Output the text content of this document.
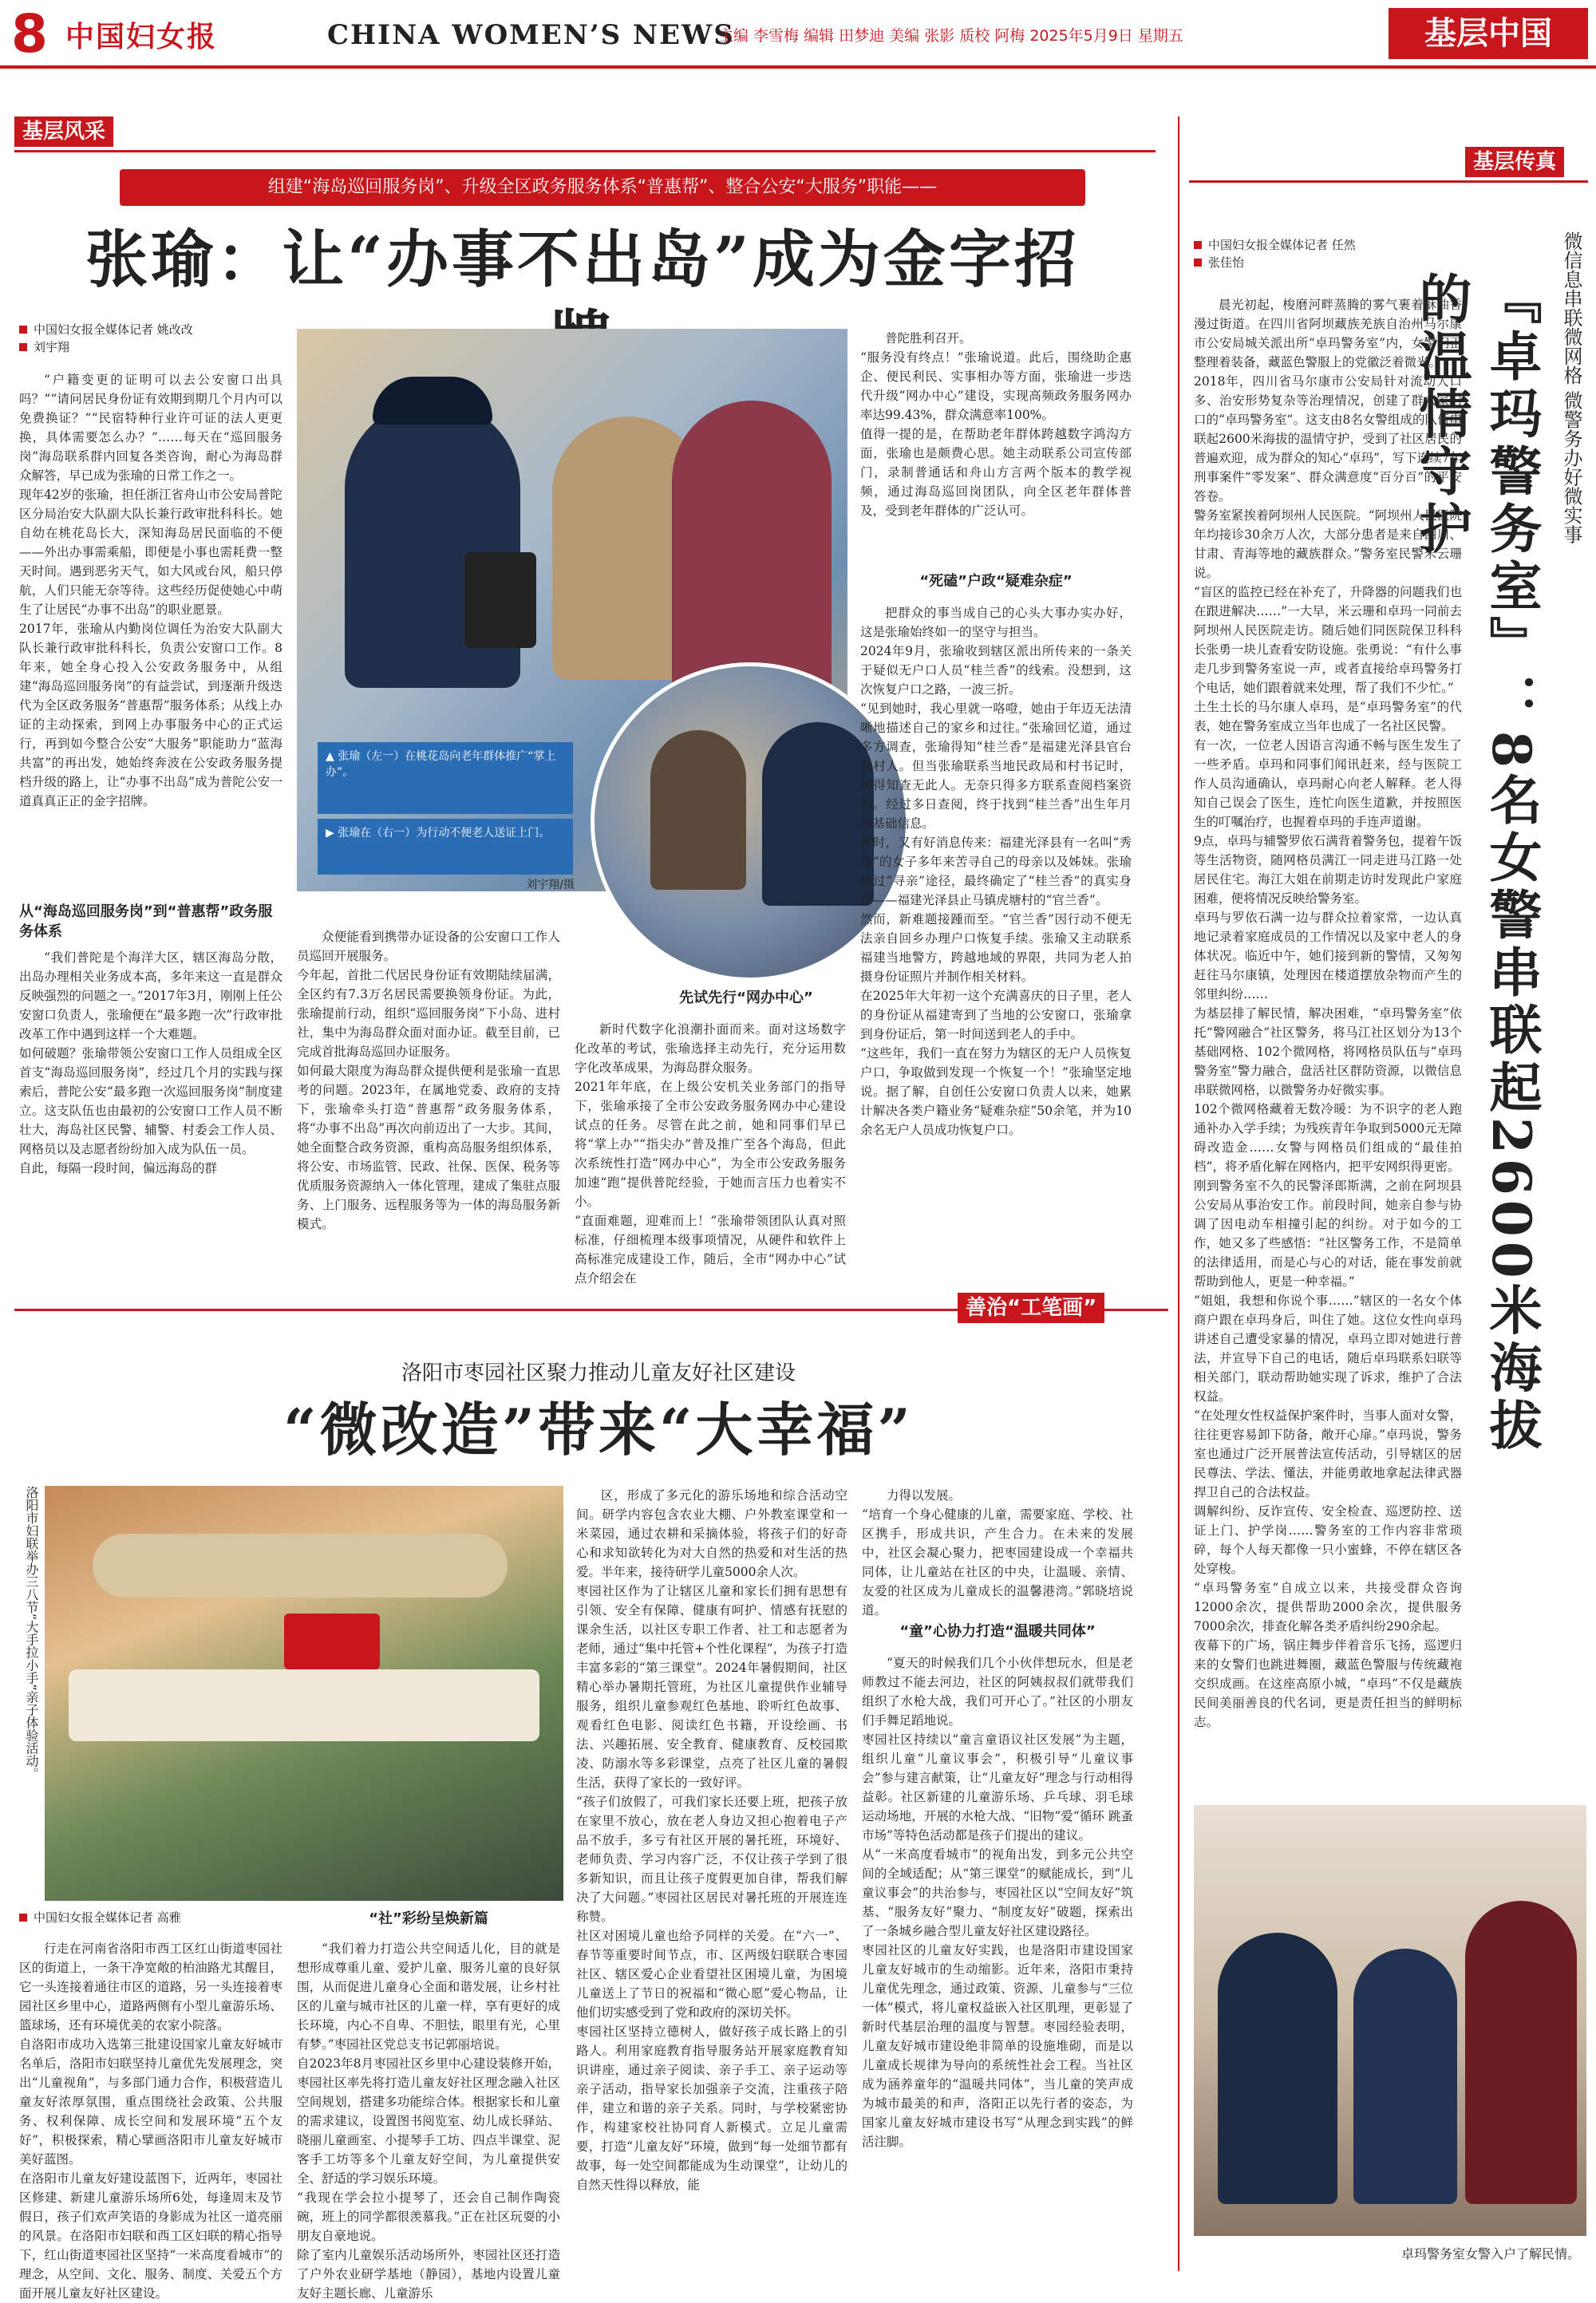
8 中国妇女报	CHINA WOMEN’S NEWS
主编 李雪梅 编辑 田梦迪 美编 张影 质校 阿梅 2025年5月9日 星期五	基层中国
基层风采
组建“海岛巡回服务岗”、升级全区政务服务体系“普惠帮”、整合公安“大服务”职能——
张瑜：让“办事不出岛”成为金字招
中国妇女报全媒体记者 姚改改
刘宇翔
“户籍变更的证明可以去公安窗口出具吗？”“请问居民身份证有效期到期几个月内可以免费换证？”“民宿特种行业许可证的法人更更换，具体需要怎么办？”……每天在“巡回服务岗”海岛联系群内回复各类咨询，耐心为海岛群众解答，早已成为张瑜的日常工作之一。
现年42岁的张瑜，担任浙江省舟山市公安局普陀区分局治安大队副大队长兼行政审批科科长。她自幼在桃花岛长大，深知海岛居民面临的不便——外出办事需乘船，即便是小事也需耗费一整天时间。遇到恶劣天气，如大风或台风，船只停航，人们只能无奈等待。这些经历促使她心中萌生了让居民“办事不出岛”的职业愿景。
2017年，张瑜从内勤岗位调任为治安大队副大队长兼行政审批科科长，负责公安窗口工作。8年来，她全身心投入公安政务服务中，从组建“海岛巡回服务岗”的有益尝试，到逐渐升级迭代为全区政务服务“普惠帮”服务体系；从线上办证的主动探索，到网上办事服务中心的正式运行，再到如今整合公安“大服务”职能助力“蓝海共富”的再出发，她始终奔波在公安政务服务提档升级的路上，让“办事不出岛”成为普陀公安一道真真正正的金字招牌。
从“海岛巡回服务岗”到“普惠帮”政务服务体系
“我们普陀是个海洋大区，辖区海岛分散，出岛办理相关业务成本高，多年来这一直是群众反映强烈的问题之一。”2017年3月，刚刚上任公安窗口负责人，张瑜便在“最多跑一次”行政审批改革工作中遇到这样一个大难题。
如何破题？张瑜带领公安窗口工作人员组成全区首支“海岛巡回服务岗”，经过几个月的实践与探索后，普陀公安“最多跑一次巡回服务岗”制度建立。这支队伍也由最初的公安窗口工作人员不断壮大，海岛社区民警、辅警、村委会工作人员、网格员以及志愿者纷纷加入成为队伍一员。
自此，每隔一段时间，偏远海岛的群
▲ 张瑜（左一）在桃花岛向老年群体推广“掌上办”。
▶ 张瑜在（右一）为行动不便老人送证上门。
刘宇翔/摄
先试先行“网办中心”
众便能看到携带办证设备的公安窗口工作人员巡回开展服务。
今年起，首批二代居民身份证有效期陆续届满，全区约有7.3万名居民需要换领身份证。为此，张瑜提前行动，组织“巡回服务岗”下小岛、进村社，集中为海岛群众面对面办证。截至目前，已完成首批海岛巡回办证服务。
如何最大限度为海岛群众提供便利是张瑜一直思考的问题。2023年，在属地党委、政府的支持下，张瑜牵头打造“普惠帮”政务服务体系，将“办事不出岛”再次向前迈出了一大步。其间，她全面整合政务资源，重构高岛服务组织体系，将公安、市场监管、民政、社保、医保、税务等优质服务资源纳入一体化管理，建成了集驻点服务、上门服务、远程服务等为一体的海岛服务新模式。
新时代数字化浪潮扑面而来。面对这场数字化改革的考试，张瑜选择主动先行，充分运用数字化改革成果，为海岛群众服务。
2021年年底，在上级公安机关业务部门的指导下，张瑜承接了全市公安政务服务网办中心建设试点的任务。尽管在此之前，她和同事们早已将“掌上办”“指尖办”普及推广至各个海岛，但此次系统性打造“网办中心”，为全市公安政务服务加速“跑”提供普陀经验，于她而言压力也着实不小。
“直面难题，迎难而上！”张瑜带领团队认真对照标准，仔细梳理本级事项情况，从硬件和软件上高标准完成建设工作，随后，全市“网办中心”试点介绍会在
普陀胜利召开。
“服务没有终点！”张瑜说道。此后，围绕助企惠企、便民利民、实事相办等方面，张瑜进一步迭代升级“网办中心”建设，实现高频政务服务网办率达99.43%，群众满意率100%。
值得一提的是，在帮助老年群体跨越数字鸿沟方面，张瑜也是颇费心思。她主动联系公司宣传部门，录制普通话和舟山方言两个版本的教学视频，通过海岛巡回岗团队，向全区老年群体普及，受到老年群体的广泛认可。
“死磕”户政“疑难杂症”
把群众的事当成自己的心头大事办实办好，这是张瑜始终如一的坚守与担当。
2024年9月，张瑜收到辖区派出所传来的一条关于疑似无户口人员“桂兰香”的线索。没想到，这次恢复户口之路，一波三折。
“见到她时，我心里就一咯噔，她由于年迈无法清晰地描述自己的家乡和过往。”张瑜回忆道，通过多方调查，张瑜得知“桂兰香”是福建光泽县官台社村人。但当张瑜联系当地民政局和村书记时，却得知查无此人。无奈只得多方联系查阅档案资料。经过多日查阅，终于找到“桂兰香”出生年月等基础信息。
此时，又有好消息传来：福建光泽县有一名叫“秀莲”的女子多年来苦寻自己的母亲以及姊妹。张瑜通过“寻亲”途径，最终确定了“桂兰香”的真实身份——福建光泽县止马镇虎塘村的“官兰香”。
然而，新难题接踵而至。“官兰香”因行动不便无法亲自回乡办理户口恢复手续。张瑜又主动联系福建当地警方，跨越地域的界限，共同为老人拍摄身份证照片并制作相关材料。
在2025年大年初一这个充满喜庆的日子里，老人的身份证从福建寄到了当地的公安窗口，张瑜拿到身份证后，第一时间送到老人的手中。
“这些年，我们一直在努力为辖区的无户人员恢复户口，争取做到发现一个恢复一个！”张瑜坚定地说。据了解，自创任公安窗口负责人以来，她累计解决各类户籍业务“疑难杂症”50余笔，并为10余名无户人员成功恢复户口。
基层传真
中国妇女报全媒体记者 任然
张佳怡	微信息串联微网格 微警务办好微实事
『卓玛警务室』：8名女警串联起2600米海拔的温情守护
晨光初起，梭磨河畔蒸腾的雾气裹着酥油香漫过街道。在四川省阿坝藏族羌族自治州马尔康市公安局城关派出所“卓玛警务室”内，女警们正整理着装备，藏蓝色警服上的党徽泛着微光。
2018年，四川省马尔康市公安局针对流动人口多、治安形势复杂等治理情况，创建了群众家门口的“卓玛警务室”。这支由8名女警组成的队伍串联起2600米海拔的温情守护，受到了社区居民的普遍欢迎，成为群众的知心“卓玛”，写下连续7年刑事案件“零发案”、群众满意度“百分百”的平安答卷。
警务室紧挨着阿坝州人民医院。“阿坝州人民医院年均接诊30余万人次，大部分患者是来自四川、甘肃、青海等地的藏族群众。”警务室民警米云珊说。
“盲区的监控已经在补充了，升降器的问题我们也在跟进解决……”一大早，米云珊和卓玛一同前去阿坝州人民医院走访。随后她们同医院保卫科科长张勇一块儿查看安防设施。张勇说：“有什么事走几步到警务室说一声，或者直接给卓玛警务打个电话，她们跟着就来处理，帮了我们不少忙。”
土生土长的马尔康人卓玛，是“卓玛警务室”的代表，她在警务室成立当年也成了一名社区民警。
有一次，一位老人因语言沟通不畅与医生发生了一些矛盾。卓玛和同事们闻讯赶来，经与医院工作人员沟通确认，卓玛耐心向老人解释。老人得知自己误会了医生，连忙向医生道歉，并按照医生的叮嘱治疗，也握着卓玛的手连声道谢。
9点，卓玛与辅警罗依石满背着警务包，提着午饭等生活物资，随网格员满江一同走进马江路一处居民住宅。海江大姐在前期走访时发现此户家庭困难，便将情况反映给警务室。
卓玛与罗依石满一边与群众拉着家常，一边认真地记录着家庭成员的工作情况以及家中老人的身体状况。临近中午，她们接到新的警情，又匆匆赶往马尔康镇，处理因在楼道摆放杂物而产生的邻里纠纷……
为基层排了解民情，解决困难，“卓玛警务室”依托“警网融合”社区警务，将马江社区划分为13个基础网格、102个微网格，将网格员队伍与“卓玛警务室”警力融合，盘活社区群防资源，以微信息串联微网格，以微警务办好微实事。
102个微网格藏着无数冷暖：为不识字的老人跑通补办入学手续；为残疾青年争取到5000元无障碍改造金……女警与网格员们组成的“最佳拍档”，将矛盾化解在网格内，把平安网织得更密。
刚到警务室不久的民警泽郎斯满，之前在阿坝县公安局从事治安工作。前段时间，她亲自参与协调了因电动车相撞引起的纠纷。对于如今的工作，她又多了些感悟：“社区警务工作，不是简单的法律适用，而是心与心的对话，能在事发前就帮助到他人，更是一种幸福。”
“姐姐，我想和你说个事……”辖区的一名女个体商户跟在卓玛身后，叫住了她。这位女性向卓玛讲述自己遭受家暴的情况，卓玛立即对她进行普法，并宣导下自己的电话，随后卓玛联系妇联等相关部门，联动帮助她实现了诉求，维护了合法权益。
“在处理女性权益保护案件时，当事人面对女警，往往更容易卸下防备，敞开心扉。”卓玛说，警务室也通过广泛开展普法宣传活动，引导辖区的居民尊法、学法、懂法，并能勇敢地拿起法律武器捍卫自己的合法权益。
调解纠纷、反诈宣传、安全检查、巡逻防控、送证上门、护学岗……警务室的工作内容非常琐碎，每个人每天都像一只小蜜蜂，不停在辖区各处穿梭。
“卓玛警务室”自成立以来，共接受群众咨询12000余次，提供帮助2000余次，提供服务7000余次，排查化解各类矛盾纠纷290余起。
夜幕下的广场，锅庄舞步伴着音乐飞扬，巡逻归来的女警们也跳进舞圈，藏蓝色警服与传统藏袍交织成画。在这座高原小城，“卓玛”不仅是藏族民间美丽善良的代名词，更是责任担当的鲜明标志。
卓玛警务室女警入户了解民情。
善治“工笔画”
洛阳市枣园社区聚力推动儿童友好社区建设
“微改造”带来“大幸福”
洛阳市妇联举办三八节“大手拉小手”亲子体验活动。
中国妇女报全媒体记者 高雅
行走在河南省洛阳市西工区红山街道枣园社区的街道上，一条干净宽敞的柏油路尤其醒目，它一头连接着通往市区的道路，另一头连接着枣园社区乡里中心，道路两侧有小型儿童游乐场、篮球场，还有环境优美的农家小院落。
自洛阳市成功入选第三批建设国家儿童友好城市名单后，洛阳市妇联坚持儿童优先发展理念，突出“儿童视角”，与多部门通力合作，积极营造儿童友好浓厚氛围，重点围绕社会政策、公共服务、权利保障、成长空间和发展环境“五个友好”，积极探索，精心擘画洛阳市儿童友好城市美好蓝图。
在洛阳市儿童友好建设蓝图下，近两年，枣园社区修建、新建儿童游乐场所6处，每逢周末及节假日，孩子们欢声笑语的身影成为社区一道亮丽的风景。在洛阳市妇联和西工区妇联的精心指导下，红山街道枣园社区坚持“一米高度看城市”的理念，从空间、文化、服务、制度、关爱五个方面开展儿童友好社区建设。
“社”彩纷呈焕新篇
“我们着力打造公共空间适儿化，目的就是想形成尊重儿童、爱护儿童、服务儿童的良好氛围，从而促进儿童身心全面和谐发展，让乡村社区的儿童与城市社区的儿童一样，享有更好的成长环境，内心不自卑、不胆怯，眼里有光，心里有梦。”枣园社区党总支书记郭丽培说。
自2023年8月枣园社区乡里中心建设装修开始，枣园社区率先将打造儿童友好社区理念融入社区空间规划，搭建多功能综合体。根据家长和儿童的需求建议，设置图书阅览室、幼儿成长驿站、晓丽儿童画室、小提琴手工坊、四点半课堂、泥客手工坊等多个儿童友好空间，为儿童提供安全、舒适的学习娱乐环境。
“我现在学会拉小提琴了，还会自己制作陶瓷碗，班上的同学都很羡慕我。”正在社区玩耍的小朋友自豪地说。
除了室内儿童娱乐活动场所外，枣园社区还打造了户外农业研学基地（静园），基地内设置儿童友好主题长廊、儿童游乐
区，形成了多元化的游乐场地和综合活动空间。研学内容包含农业大棚、户外教室课堂和一米菜园，通过农耕和采摘体验，将孩子们的好奇心和求知欲转化为对大自然的热爱和对生活的热爱。半年来，接待研学儿童5000余人次。
枣园社区作为了让辖区儿童和家长们拥有思想有引领、安全有保障、健康有呵护、情感有抚慰的课余生活，以社区专职工作者、社工和志愿者为老师，通过“集中托管+个性化课程”，为孩子打造丰富多彩的“第三课堂”。2024年暑假期间，社区精心举办暑期托管班，为社区儿童提供作业辅导服务，组织儿童参观红色基地、聆听红色故事、观看红色电影、阅读红色书籍，开设绘画、书法、兴趣拓展、安全教育、健康教育、反校园欺凌、防溺水等多彩课堂，点亮了社区儿童的暑假生活，获得了家长的一致好评。
“孩子们放假了，可我们家长还要上班，把孩子放在家里不放心，放在老人身边又担心抱着电子产品不放手，多亏有社区开展的暑托班，环境好、老师负责、学习内容广泛，不仅让孩子学到了很多新知识，而且让孩子度假更加自律，帮我们解决了大问题。”枣园社区居民对暑托班的开展连连称赞。
社区对困境儿童也给予同样的关爱。在“六一”、春节等重要时间节点，市、区两级妇联联合枣园社区、辖区爱心企业看望社区困境儿童，为困境儿童送上了节日的祝福和“微心愿”爱心物品，让他们切实感受到了党和政府的深切关怀。
枣园社区坚持立德树人，做好孩子成长路上的引路人。利用家庭教育指导服务站开展家庭教育知识讲座，通过亲子阅读、亲子手工、亲子运动等亲子活动，指导家长加强亲子交流，注重孩子陪伴，建立和谐的亲子关系。同时，与学校紧密协作，构建家校社协同育人新模式。立足儿童需要，打造“儿童友好”环境，做到“每一处细节都有故事，每一处空间都能成为生动课堂”，让幼儿的自然天性得以释放，能
力得以发展。
“培育一个身心健康的儿童，需要家庭、学校、社区携手，形成共识，产生合力。在未来的发展中，社区会凝心聚力，把枣园建设成一个幸福共同体，让儿童站在社区的中央，让温暖、亲情、友爱的社区成为儿童成长的温馨港湾。”郭晓培说道。
“童”心协力打造“温暖共同体”
“夏天的时候我们几个小伙伴想玩水，但是老师教过不能去河边，社区的阿姨叔叔们就带我们组织了水枪大战，我们可开心了。”社区的小朋友们手舞足蹈地说。
枣园社区持续以“童言童语议社区发展”为主题，组织儿童“儿童议事会”，积极引导“儿童议事会”参与建言献策，让“儿童友好”理念与行动相得益彰。社区新建的儿童游乐场、乒乓球、羽毛球运动场地，开展的水枪大战、“旧物”爱“循环 跳蚤市场”等特色活动都是孩子们提出的建议。
从“一米高度看城市”的视角出发，到多元公共空间的全域适配；从“第三课堂”的赋能成长，到“儿童议事会”的共治参与，枣园社区以“空间友好”筑基、“服务友好”聚力、“制度友好”破题，探索出了一条城乡融合型儿童友好社区建设路径。
枣园社区的儿童友好实践，也是洛阳市建设国家儿童友好城市的生动缩影。近年来，洛阳市秉持儿童优先理念，通过政策、资源、儿童参与“三位一体”模式，将儿童权益嵌入社区肌理，更彰显了新时代基层治理的温度与智慧。枣园经验表明，儿童友好城市建设绝非简单的设施堆砌，而是以儿童成长规律为导向的系统性社会工程。当社区成为涵养童年的“温暖共同体”，当儿童的笑声成为城市最美的和声，洛阳正以先行者的姿态，为国家儿童友好城市建设书写“从理念到实践”的鲜活注脚。
